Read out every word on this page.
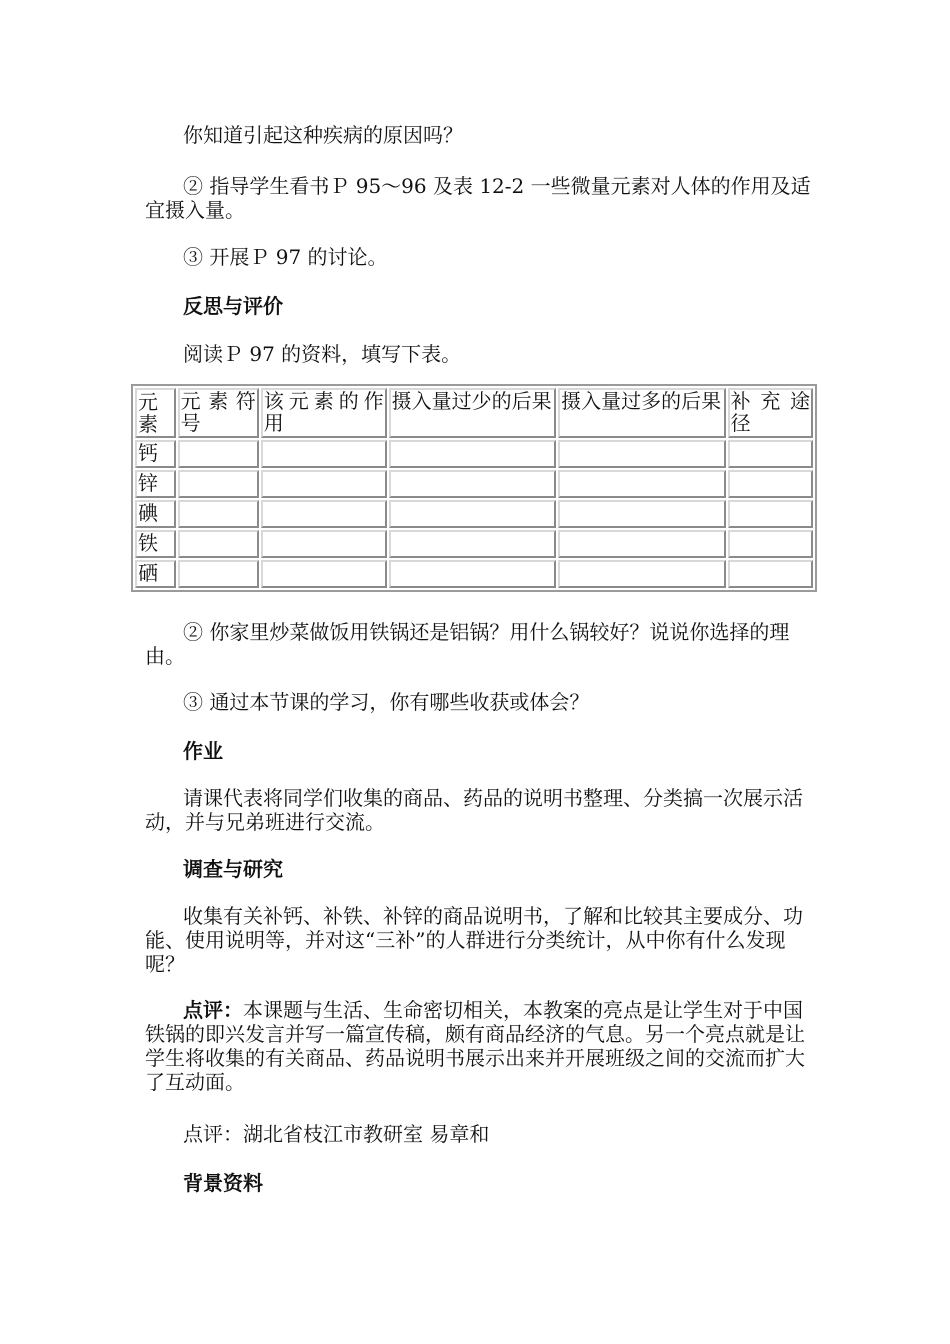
你知道引起这种疾病的原因吗？

② 指导学生看书Ｐ 95～96 及表 12-2 一些微量元素对人体的作用及适宜摄入量。

③ 开展Ｐ 97 的讨论。

反思与评价

阅读Ｐ 97 的资料，填写下表。

元素	元 素 符号	该元素的作用	摄入量过少的后果	摄入量过多的后果	补 充 途径
钙					
锌					
碘					
铁					
硒					

② 你家里炒菜做饭用铁锅还是铝锅？用什么锅较好？说说你选择的理由。

③ 通过本节课的学习，你有哪些收获或体会？

作业

请课代表将同学们收集的商品、药品的说明书整理、分类搞一次展示活动，并与兄弟班进行交流。

调查与研究

收集有关补钙、补铁、补锌的商品说明书，了解和比较其主要成分、功能、使用说明等，并对这“三补”的人群进行分类统计，从中你有什么发现呢？

点评：本课题与生活、生命密切相关，本教案的亮点是让学生对于中国铁锅的即兴发言并写一篇宣传稿，颇有商品经济的气息。另一个亮点就是让学生将收集的有关商品、药品说明书展示出来并开展班级之间的交流而扩大了互动面。

点评：湖北省枝江市教研室 易章和

背景资料
